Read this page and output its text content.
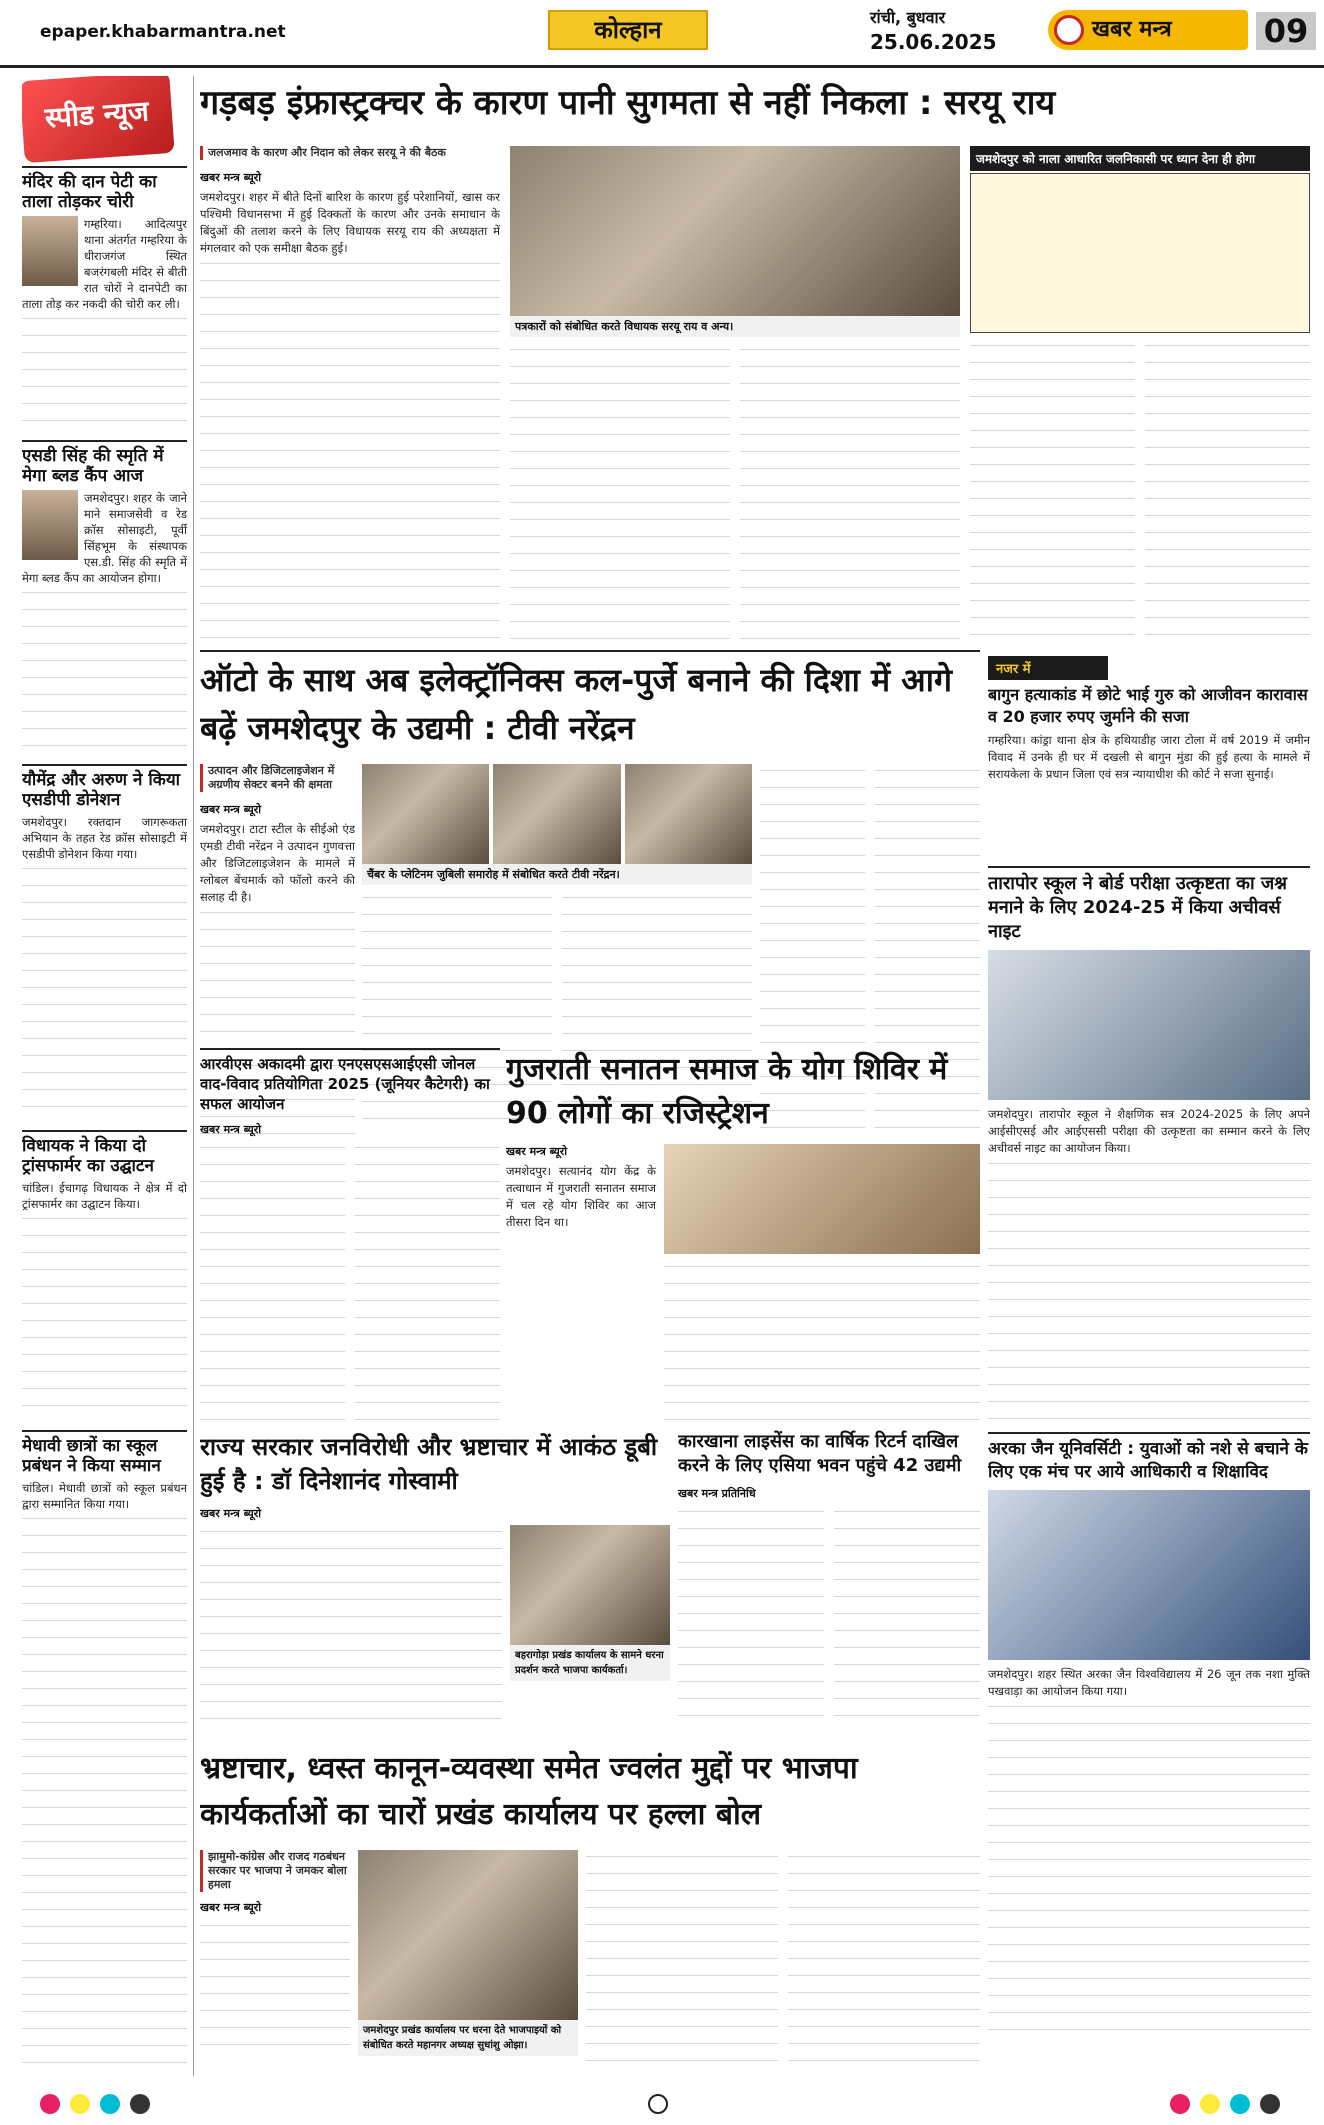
epaper.khabarmantra.net	कोल्हान	रांची, बुधवार
25.06.2025	खबर मन्त्र	09
स्पीड न्यूज
मंदिर की दान पेटी का ताला तोड़कर चोरी
गम्हरिया। आदित्यपुर थाना अंतर्गत गम्हरिया के धीराजगंज स्थित बजरंगबली मंदिर से बीती रात चोरों ने दानपेटी का ताला तोड़ कर नकदी की चोरी कर ली।
एसडी सिंह की स्मृति में मेगा ब्लड कैंप आज
जमशेदपुर। शहर के जाने माने समाजसेवी व रेड क्रॉस सोसाइटी, पूर्वी सिंहभूम के संस्थापक एस.डी. सिंह की स्मृति में मेगा ब्लड कैंप का आयोजन होगा।
यौमेंद्र और अरुण ने किया एसडीपी डोनेशन
जमशेदपुर। रक्तदान जागरूकता अभियान के तहत रेड क्रॉस सोसाइटी में एसडीपी डोनेशन किया गया।
विधायक ने किया दो ट्रांसफार्मर का उद्घाटन
चांडिल। ईचागढ़ विधायक ने क्षेत्र में दो ट्रांसफार्मर का उद्घाटन किया।
मेधावी छात्रों का स्कूल प्रबंधन ने किया सम्मान
चांडिल। मेधावी छात्रों को स्कूल प्रबंधन द्वारा सम्मानित किया गया।
गड़बड़ इंफ्रास्ट्रक्चर के कारण पानी सुगमता से नहीं निकला : सरयू राय
जलजमाव के कारण और निदान को लेकर सरयू ने की बैठक
खबर मन्त्र ब्यूरो
जमशेदपुर। शहर में बीते दिनों बारिश के कारण हुई परेशानियों, खास कर पश्चिमी विधानसभा में हुई दिक्कतों के कारण और उनके समाधान के बिंदुओं की तलाश करने के लिए विधायक सरयू राय की अध्यक्षता में मंगलवार को एक समीक्षा बैठक हुई।
पत्रकारों को संबोधित करते विधायक सरयू राय व अन्य।
जमशेदपुर को नाला आधारित जलनिकासी पर ध्यान देना ही होगा
ऑटो के साथ अब इलेक्ट्रॉनिक्स कल-पुर्जे बनाने की दिशा में आगे बढ़ें जमशेदपुर के उद्यमी : टीवी नरेंद्रन
उत्पादन और डिजिटलाइजेशन में अग्रणीय सेक्टर बनने की क्षमता
खबर मन्त्र ब्यूरो
जमशेदपुर। टाटा स्टील के सीईओ एंड एमडी टीवी नरेंद्रन ने उत्पादन गुणवत्ता और डिजिटलाइजेशन के मामले में ग्लोबल बेंचमार्क को फॉलो करने की सलाह दी है।
चैंबर के प्लेटिनम जुबिली समारोह में संबोधित करते टीवी नरेंद्रन।
आरवीएस अकादमी द्वारा एनएसएसआईएसी जोनल वाद-विवाद प्रतियोगिता 2025 (जूनियर कैटेगरी) का सफल आयोजन
खबर मन्त्र ब्यूरो
गुजराती सनातन समाज के योग शिविर में 90 लोगों का रजिस्ट्रेशन
खबर मन्त्र ब्यूरो
जमशेदपुर। सत्यानंद योग केंद्र के तत्वाधान में गुजराती सनातन समाज में चल रहे योग शिविर का आज तीसरा दिन था।
राज्य सरकार जनविरोधी और भ्रष्टाचार में आकंठ डूबी हुई है : डॉ दिनेशानंद गोस्वामी
खबर मन्त्र ब्यूरो
बहरागोड़ा प्रखंड कार्यालय के सामने धरना प्रदर्शन करते भाजपा कार्यकर्ता।
कारखाना लाइसेंस का वार्षिक रिटर्न दाखिल करने के लिए एसिया भवन पहुंचे 42 उद्यमी
खबर मन्त्र प्रतिनिधि
भ्रष्टाचार, ध्वस्त कानून-व्यवस्था समेत ज्वलंत मुद्दों पर भाजपा कार्यकर्ताओं का चारों प्रखंड कार्यालय पर हल्ला बोल
झामुमो-कांग्रेस और राजद गठबंधन सरकार पर भाजपा ने जमकर बोला हमला
खबर मन्त्र ब्यूरो
जमशेदपुर प्रखंड कार्यालय पर धरना देते भाजपाइयों को संबोधित करते महानगर अध्यक्ष सुधांशु ओझा।
नजर में
बागुन हत्याकांड में छोटे भाई गुरु को आजीवन कारावास व 20 हजार रुपए जुर्माने की सजा
गम्हरिया। कांड्रा थाना क्षेत्र के हथियाडीह जारा टोला में वर्ष 2019 में जमीन विवाद में उनके ही घर में दखली से बागुन मुंडा की हुई हत्या के मामले में सरायकेला के प्रधान जिला एवं सत्र न्यायाधीश की कोर्ट ने सजा सुनाई।
तारापोर स्कूल ने बोर्ड परीक्षा उत्कृष्टता का जश्न मनाने के लिए 2024-25 में किया अचीवर्स नाइट
जमशेदपुर। तारापोर स्कूल ने शैक्षणिक सत्र 2024-2025 के लिए अपने आईसीएसई और आईएससी परीक्षा की उत्कृष्टता का सम्मान करने के लिए अचीवर्स नाइट का आयोजन किया।
अरका जैन यूनिवर्सिटी : युवाओं को नशे से बचाने के लिए एक मंच पर आये आधिकारी व शिक्षाविद
जमशेदपुर। शहर स्थित अरका जैन विश्वविद्यालय में 26 जून तक नशा मुक्ति पखवाड़ा का आयोजन किया गया।
